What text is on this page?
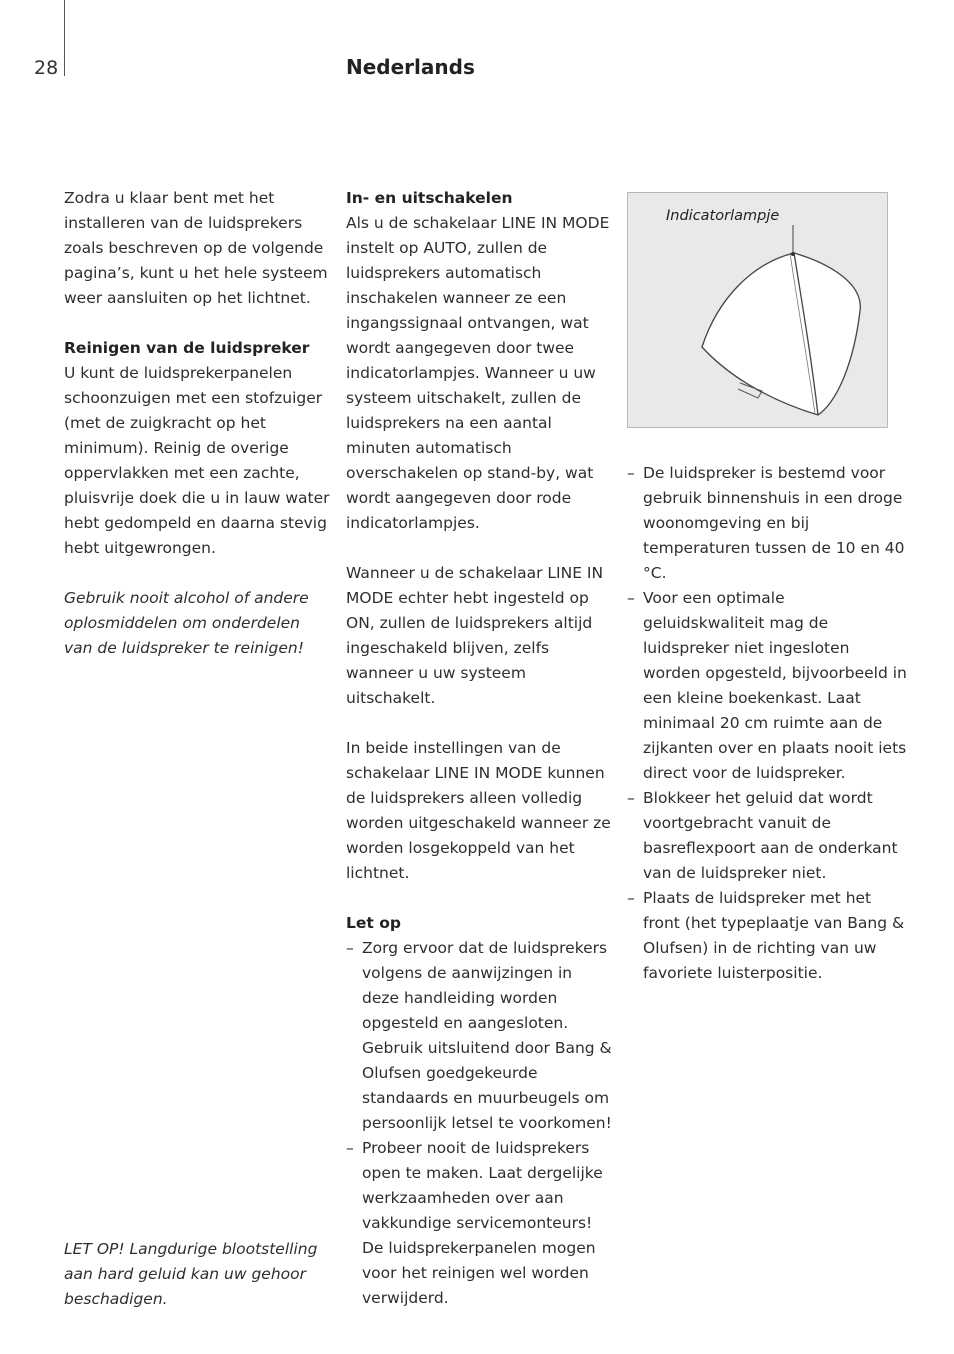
28	Nederlands

Zodra u klaar bent met het installeren van de luidsprekers zoals beschreven op de volgende pagina’s, kunt u het hele systeem weer aansluiten op het lichtnet.

Reinigen van de luidspreker

U kunt de luidsprekerpanelen schoonzuigen met een stofzuiger (met de zuigkracht op het minimum). Reinig de overige oppervlakken met een zachte, pluisvrije doek die u in lauw water hebt gedompeld en daarna stevig hebt uitgewrongen.

Gebruik nooit alcohol of andere oplosmiddelen om onderdelen van de luidspreker te reinigen!

LET OP! Langdurige blootstelling aan hard geluid kan uw gehoor beschadigen.

In- en uitschakelen

Als u de schakelaar LINE IN MODE instelt op AUTO, zullen de luidsprekers automatisch inschakelen wanneer ze een ingangssignaal ontvangen, wat wordt aangegeven door twee indicatorlampjes. Wanneer u uw systeem uitschakelt, zullen de luidsprekers na een aantal minuten automatisch overschakelen op stand-by, wat wordt aangegeven door rode indicatorlampjes.

Wanneer u de schakelaar LINE IN MODE echter hebt ingesteld op ON, zullen de luidsprekers altijd ingeschakeld blijven, zelfs wanneer u uw systeem uitschakelt.

In beide instellingen van de schakelaar LINE IN MODE kunnen de luidsprekers alleen volledig worden uitgeschakeld wanneer ze worden losgekoppeld van het lichtnet.

Let op
– Zorg ervoor dat de luidsprekers volgens de aanwijzingen in deze handleiding worden opgesteld en aangesloten. Gebruik uitsluitend door Bang & Olufsen goedgekeurde standaards en muurbeugels om persoonlijk letsel te voorkomen!
– Probeer nooit de luidsprekers open te maken. Laat dergelijke werkzaamheden over aan vakkundige servicemonteurs! De luidsprekerpanelen mogen voor het reinigen wel worden verwijderd.
Indicatorlampje
– De luidspreker is bestemd voor gebruik binnenshuis in een droge woonomgeving en bij temperaturen tussen de 10 en 40 °C.
– Voor een optimale geluidskwaliteit mag de luidspreker niet ingesloten worden opgesteld, bijvoorbeeld in een kleine boekenkast. Laat minimaal 20 cm ruimte aan de zijkanten over en plaats nooit iets direct voor de luidspreker.
– Blokkeer het geluid dat wordt voortgebracht vanuit de basreflexpoort aan de onderkant van de luidspreker niet.
– Plaats de luidspreker met het front (het typeplaatje van Bang & Olufsen) in de richting van uw favoriete luisterpositie.
